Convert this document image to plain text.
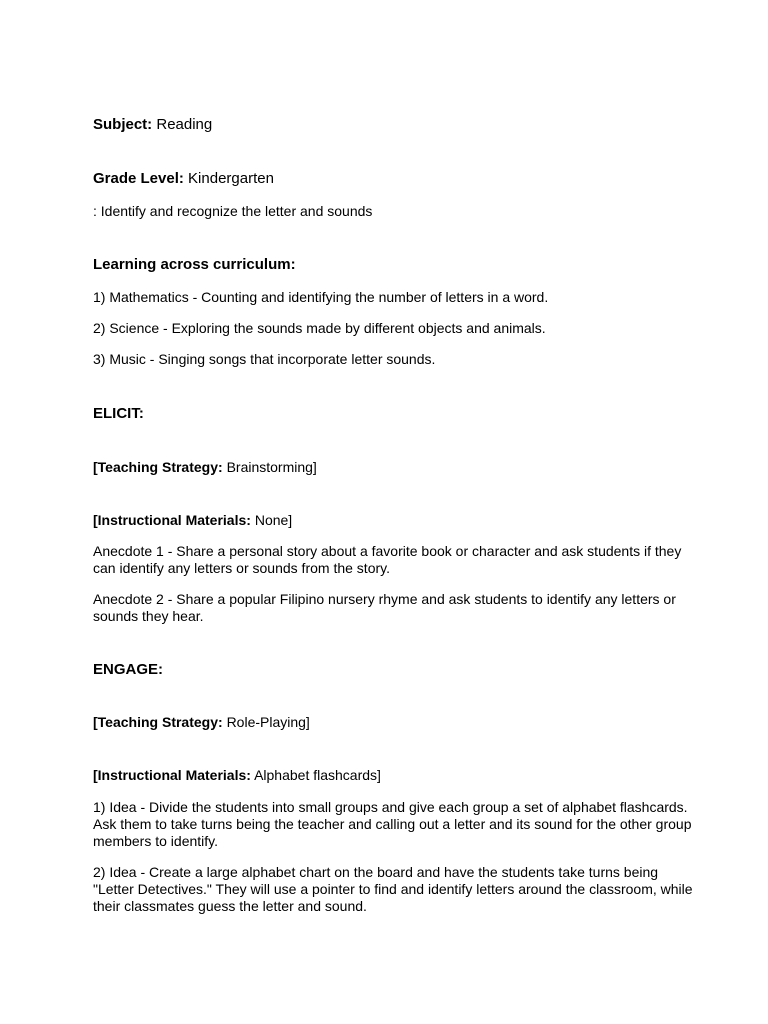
Subject: Reading

Grade Level: Kindergarten

: Identify and recognize the letter and sounds

Learning across curriculum:

1) Mathematics - Counting and identifying the number of letters in a word.

2) Science - Exploring the sounds made by different objects and animals.

3) Music - Singing songs that incorporate letter sounds.

ELICIT:

[Teaching Strategy: Brainstorming]

[Instructional Materials: None]

Anecdote 1 - Share a personal story about a favorite book or character and ask students if they can identify any letters or sounds from the story.

Anecdote 2 - Share a popular Filipino nursery rhyme and ask students to identify any letters or sounds they hear.

ENGAGE:

[Teaching Strategy: Role-Playing]

[Instructional Materials: Alphabet flashcards]

1) Idea - Divide the students into small groups and give each group a set of alphabet flashcards. Ask them to take turns being the teacher and calling out a letter and its sound for the other group members to identify.

2) Idea - Create a large alphabet chart on the board and have the students take turns being "Letter Detectives." They will use a pointer to find and identify letters around the classroom, while their classmates guess the letter and sound.
